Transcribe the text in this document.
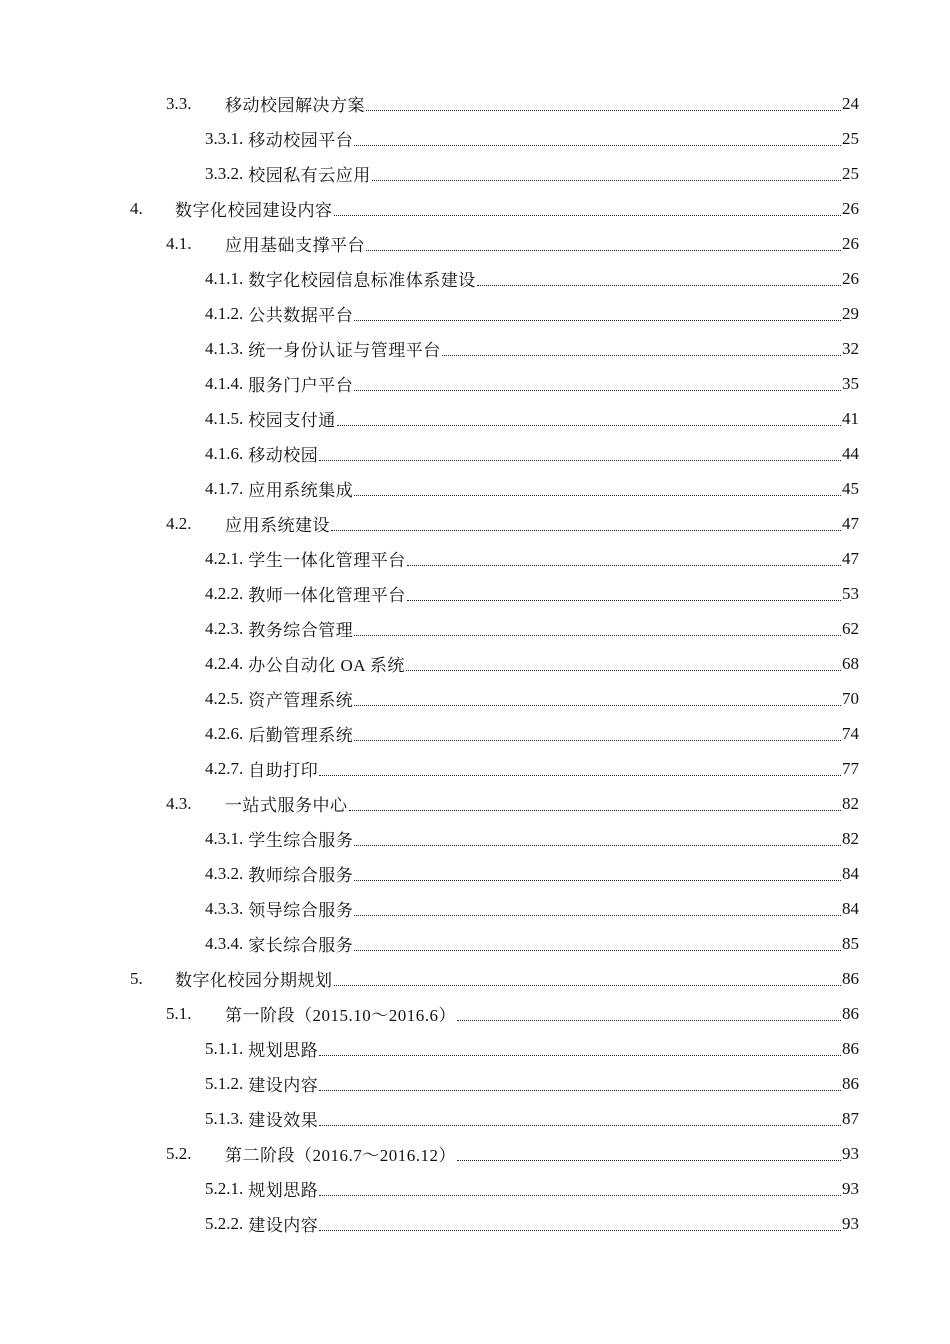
3.3.	移动校园解决方案	24
3.3.1. 移动校园平台	25
3.3.2. 校园私有云应用	25
4.	数字化校园建设内容	26
4.1.	应用基础支撑平台	26
4.1.1. 数字化校园信息标准体系建设	26
4.1.2. 公共数据平台	29
4.1.3. 统一身份认证与管理平台	32
4.1.4. 服务门户平台	35
4.1.5. 校园支付通	41
4.1.6. 移动校园	44
4.1.7. 应用系统集成	45
4.2.	应用系统建设	47
4.2.1. 学生一体化管理平台	47
4.2.2. 教师一体化管理平台	53
4.2.3. 教务综合管理	62
4.2.4. 办公自动化 OA 系统	68
4.2.5. 资产管理系统	70
4.2.6. 后勤管理系统	74
4.2.7. 自助打印	77
4.3.	一站式服务中心	82
4.3.1. 学生综合服务	82
4.3.2. 教师综合服务	84
4.3.3. 领导综合服务	84
4.3.4. 家长综合服务	85
5.	数字化校园分期规划	86
5.1.	第一阶段（2015.10～2016.6）	86
5.1.1. 规划思路	86
5.1.2. 建设内容	86
5.1.3. 建设效果	87
5.2.	第二阶段（2016.7～2016.12）	93
5.2.1. 规划思路	93
5.2.2. 建设内容	93
